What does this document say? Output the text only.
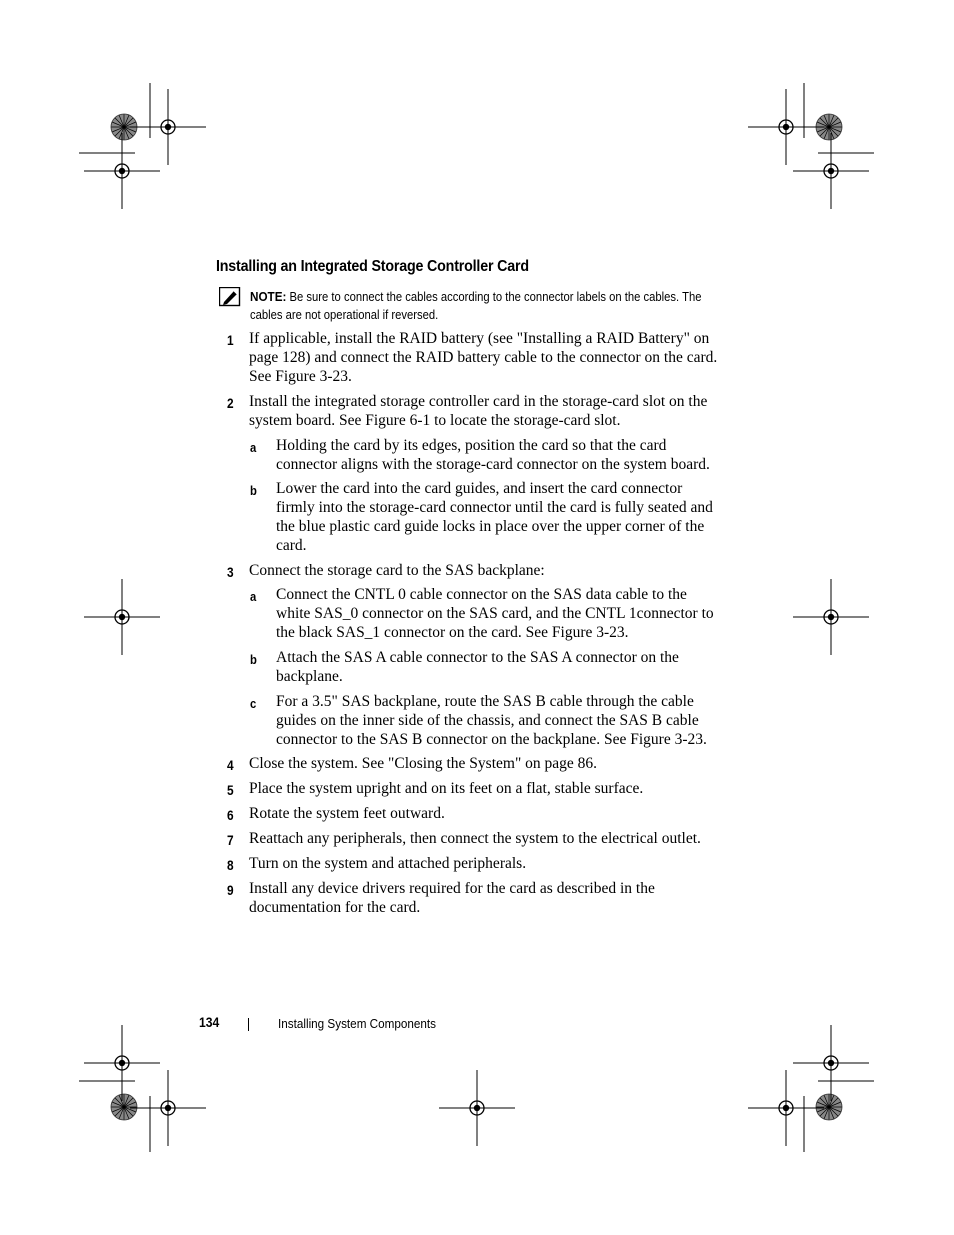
Installing an Integrated Storage Controller Card
NOTE: Be sure to connect the cables according to the connector labels on the cables. The cables are not operational if reversed.
1 If applicable, install the RAID battery (see "Installing a RAID Battery" on page 128) and connect the RAID battery cable to the connector on the card. See Figure 3-23.
2 Install the integrated storage controller card in the storage-card slot on the system board. See Figure 6-1 to locate the storage-card slot.
a Holding the card by its edges, position the card so that the card connector aligns with the storage-card connector on the system board.
b Lower the card into the card guides, and insert the card connector firmly into the storage-card connector until the card is fully seated and the blue plastic card guide locks in place over the upper corner of the card.
3 Connect the storage card to the SAS backplane:
a Connect the CNTL 0 cable connector on the SAS data cable to the white SAS_0 connector on the SAS card, and the CNTL 1connector to the black SAS_1 connector on the card. See Figure 3-23.
b Attach the SAS A cable connector to the SAS A connector on the backplane.
c For a 3.5" SAS backplane, route the SAS B cable through the cable guides on the inner side of the chassis, and connect the SAS B cable connector to the SAS B connector on the backplane. See Figure 3-23.
4 Close the system. See "Closing the System" on page 86.
5 Place the system upright and on its feet on a flat, stable surface.
6 Rotate the system feet outward.
7 Reattach any peripherals, then connect the system to the electrical outlet.
8 Turn on the system and attached peripherals.
9 Install any device drivers required for the card as described in the documentation for the card.
134	Installing System Components
